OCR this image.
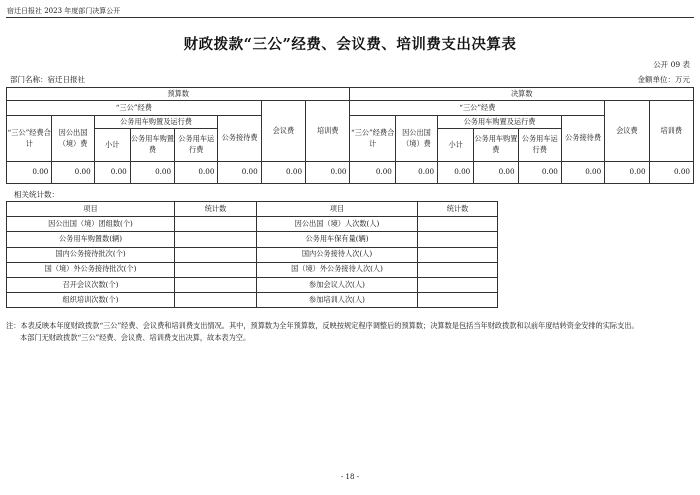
宿迁日报社 2023 年度部门决算公开
财政拨款“三公”经费、会议费、培训费支出决算表
公开 09 表
部门名称：宿迁日报社	金额单位：万元
预算数								决算数							
“三公”经费						会议费	培训费	“三公”经费						会议费	培训费
“三公”经费合计	因公出国（境）费	公务用车购置及运行费			公务接待费			“三公”经费合计	因公出国（境）费	公务用车购置及运行费			公务接待费		
		小计	公务用车购置费	公务用车运行费						小计	公务用车购置费	公务用车运行费			
0.00	0.00	0.00	0.00	0.00	0.00	0.00	0.00	0.00	0.00	0.00	0.00	0.00	0.00	0.00	0.00
相关统计数：
项目	统计数	项目	统计数
因公出国（境）团组数(个)		因公出国（境）人次数(人)	
公务用车购置数(辆)		公务用车保有量(辆)	
国内公务接待批次(个)		国内公务接待人次(人)	
国（境）外公务接待批次(个)		国（境）外公务接待人次(人)	
召开会议次数(个)		参加会议人次(人)	
组织培训次数(个)		参加培训人次(人)	

注：本表反映本年度财政拨款“三公”经费、会议费和培训费支出情况。其中，预算数为全年预算数，反映按规定程序调整后的预算数；决算数是包括当年财政拨款和以前年度结转资金安排的实际支出。

本部门无财政拨款“三公”经费、会议费、培训费支出决算，故本表为空。

- 18 -
